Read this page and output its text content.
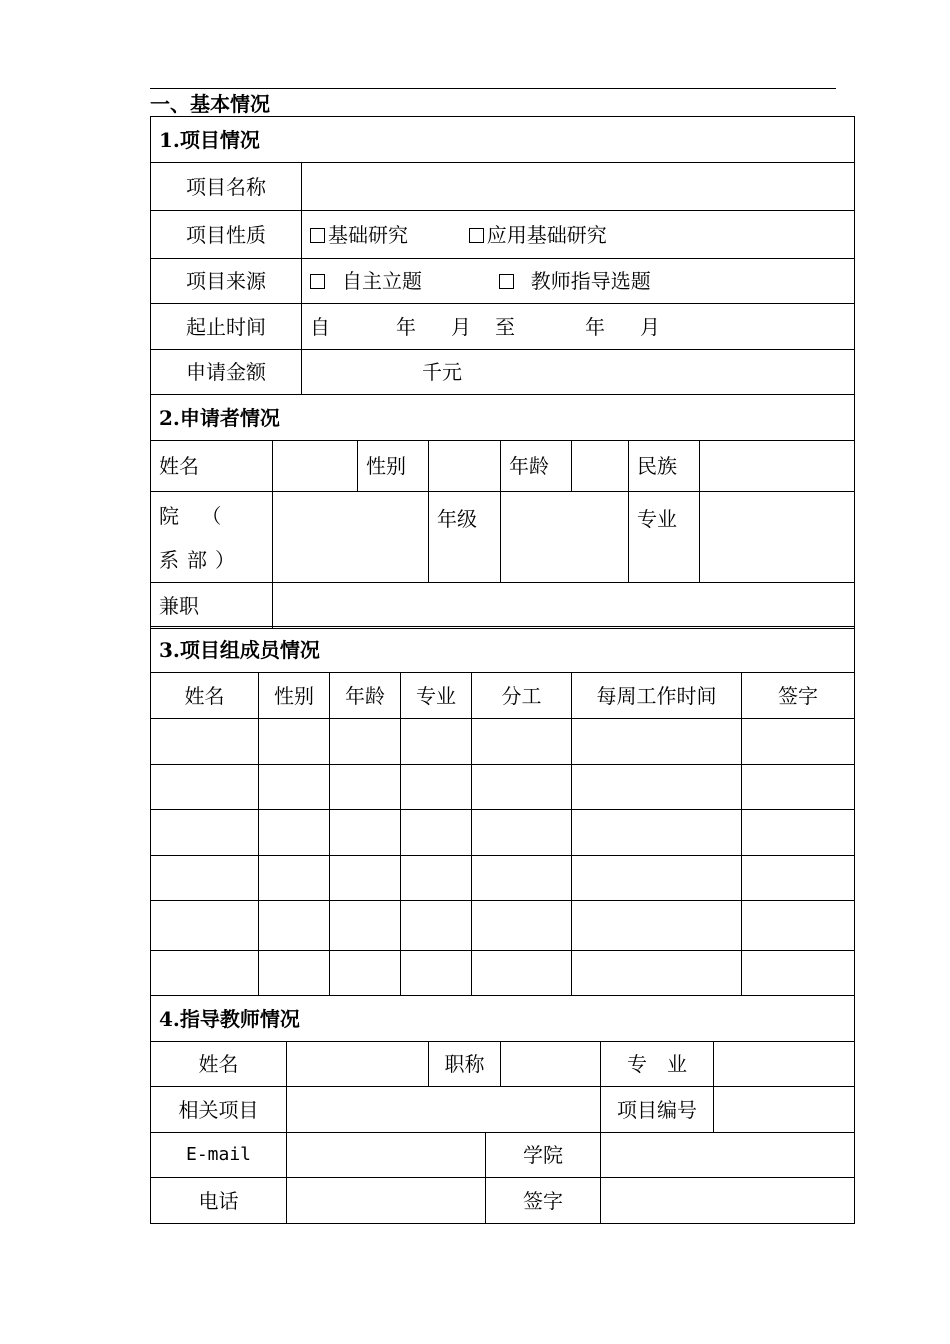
一、基本情况
1.项目情况	
项目名称	
项目性质	基础研究 应用基础研究
项目来源	自主立题 教师指导选题
起止时间	自 年 月 至 年 月
申请金额	千元
2.申请者情况							
姓名		性别		年龄		民族	
院 （ 系部）			年级			专业	
兼职							
3.项目组成员情况						
姓名	性别	年龄	专业	分工	每周工作时间	签字

4.指导教师情况						
姓名		职称			专　业	
相关项目					项目编号	
E-mail			学院			
电话			签字			
